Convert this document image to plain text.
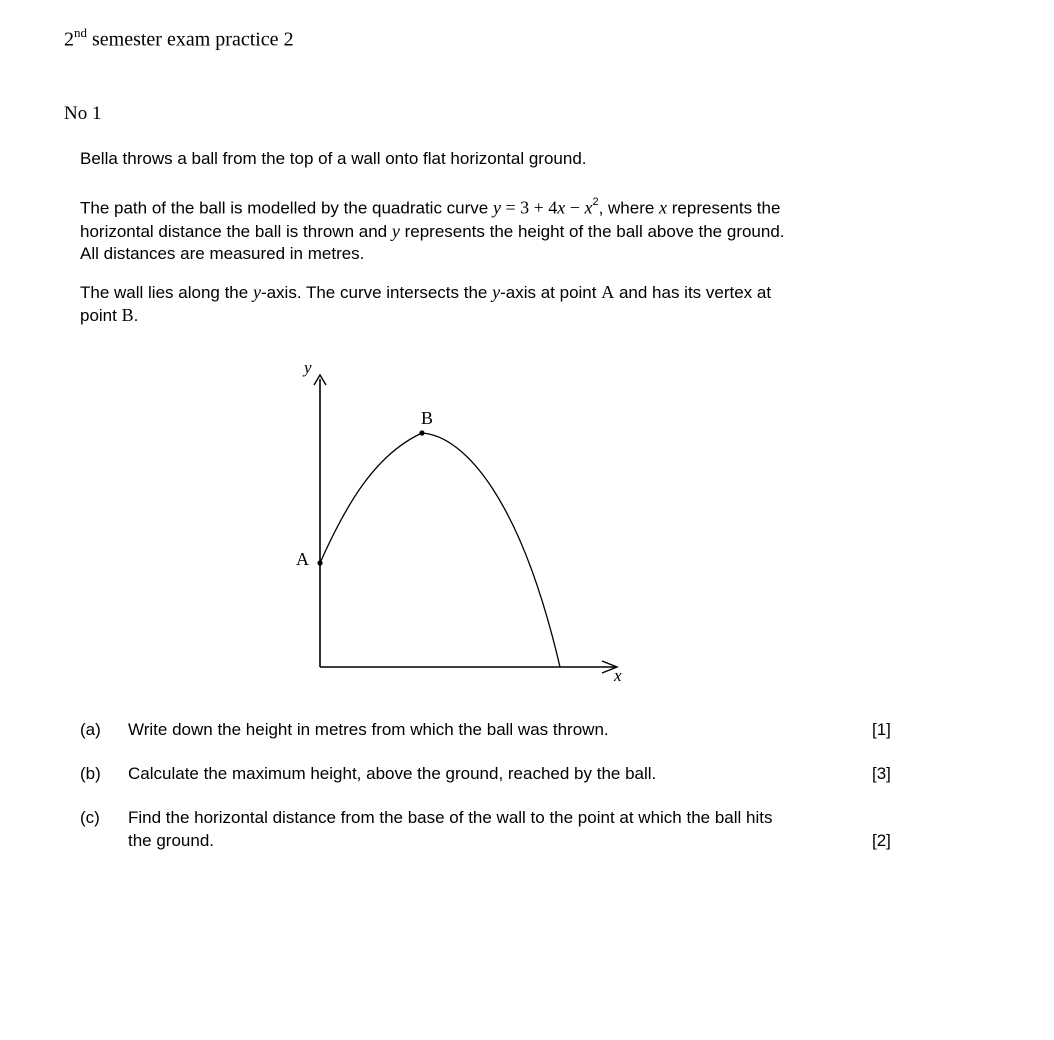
2nd semester exam practice 2
No 1
Bella throws a ball from the top of a wall onto flat horizontal ground.
The path of the ball is modelled by the quadratic curve $y = 3 + 4x - x^2$, where x represents the
horizontal distance the ball is thrown and y represents the height of the ball above the ground.
All distances are measured in metres.
The wall lies along the y-axis. The curve intersects the y-axis at point A and has its vertex at
point B.
y
x
A
B
(a) Write down the height in metres from which the ball was thrown.	[1]
(b) Calculate the maximum height, above the ground, reached by the ball.	[3]
(c) Find the horizontal distance from the base of the wall to the point at which the ball hits
the ground.	[2]
